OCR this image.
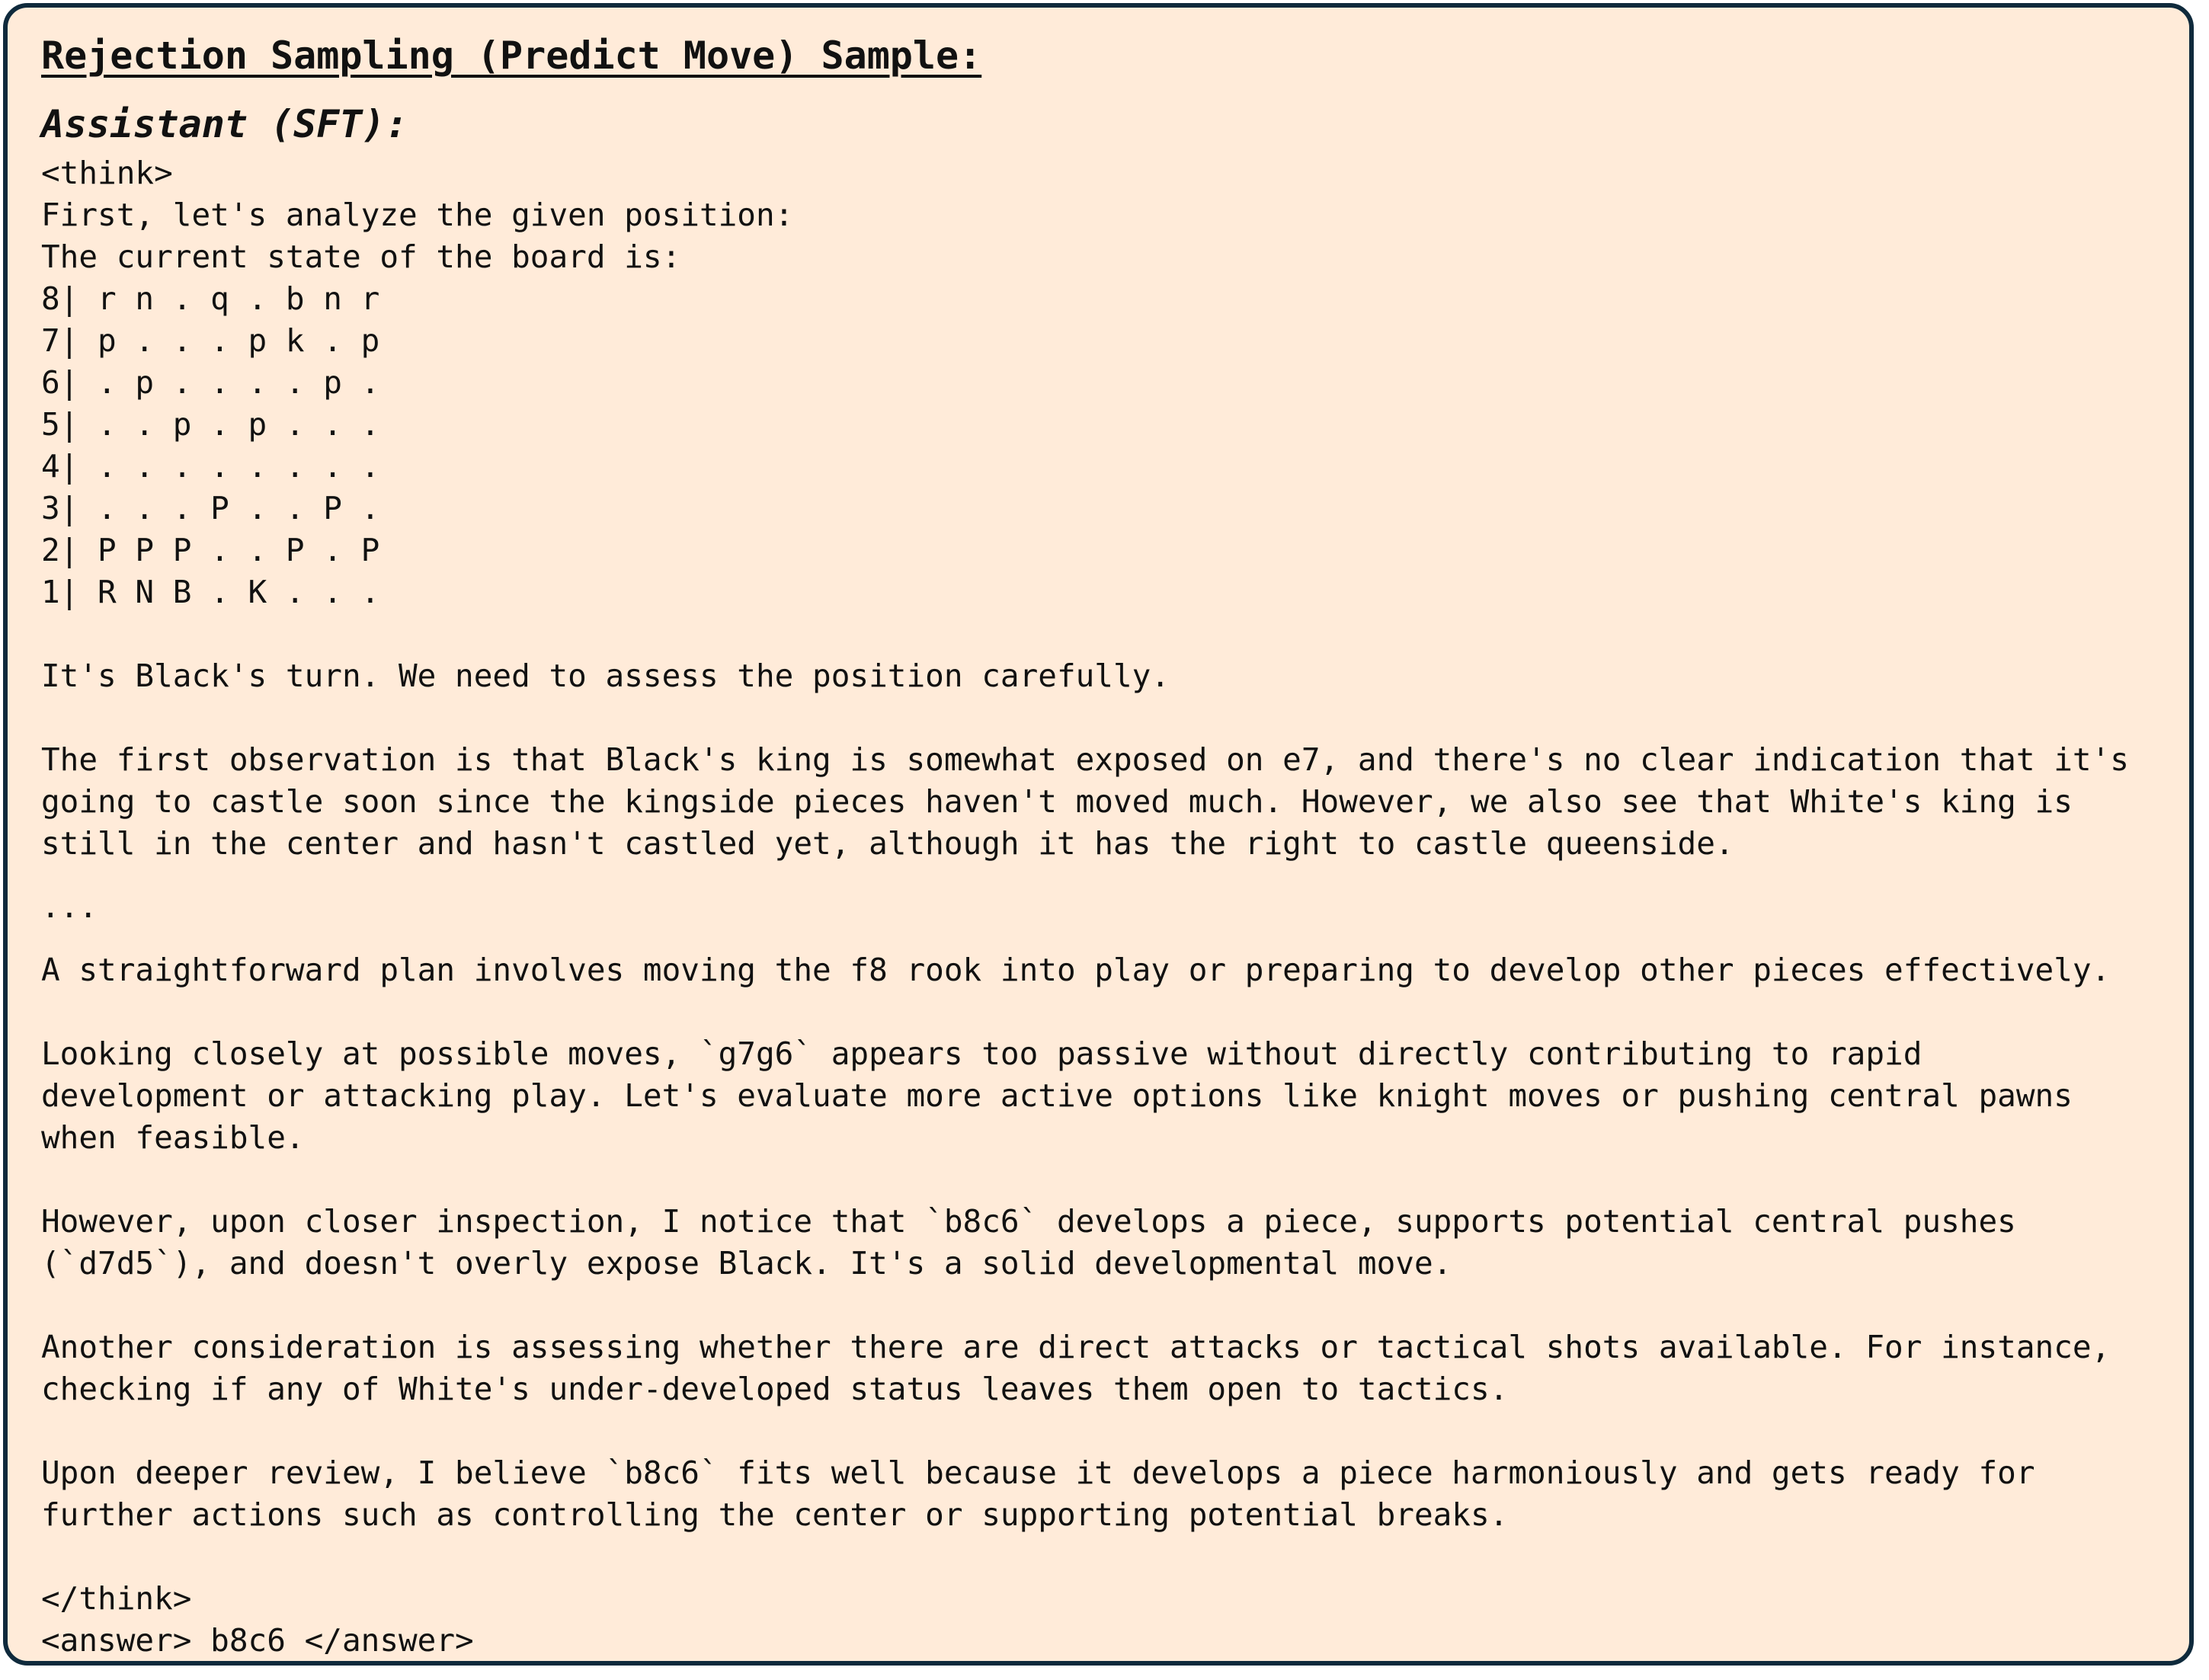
Rejection Sampling (Predict Move) Sample:
Assistant (SFT):
<think>
First, let's analyze the given position:
The current state of the board is:
8| r n . q . b n r
7| p . . . p k . p
6| . p . . . . p .
5| . . p . p . . .
4| . . . . . . . .
3| . . . P . . P .
2| P P P . . P . P
1| R N B . K . . .
It's Black's turn. We need to assess the position carefully.
The first observation is that Black's king is somewhat exposed on e7, and there's no clear indication that it's
going to castle soon since the kingside pieces haven't moved much. However, we also see that White's king is
still in the center and hasn't castled yet, although it has the right to castle queenside.
...
A straightforward plan involves moving the f8 rook into play or preparing to develop other pieces effectively.
Looking closely at possible moves, `g7g6` appears too passive without directly contributing to rapid
development or attacking play. Let's evaluate more active options like knight moves or pushing central pawns
when feasible.
However, upon closer inspection, I notice that `b8c6` develops a piece, supports potential central pushes
(`d7d5`), and doesn't overly expose Black. It's a solid developmental move.
Another consideration is assessing whether there are direct attacks or tactical shots available. For instance,
checking if any of White's under-developed status leaves them open to tactics.
Upon deeper review, I believe `b8c6` fits well because it develops a piece harmoniously and gets ready for
further actions such as controlling the center or supporting potential breaks.
</think>
<answer> b8c6 </answer>
